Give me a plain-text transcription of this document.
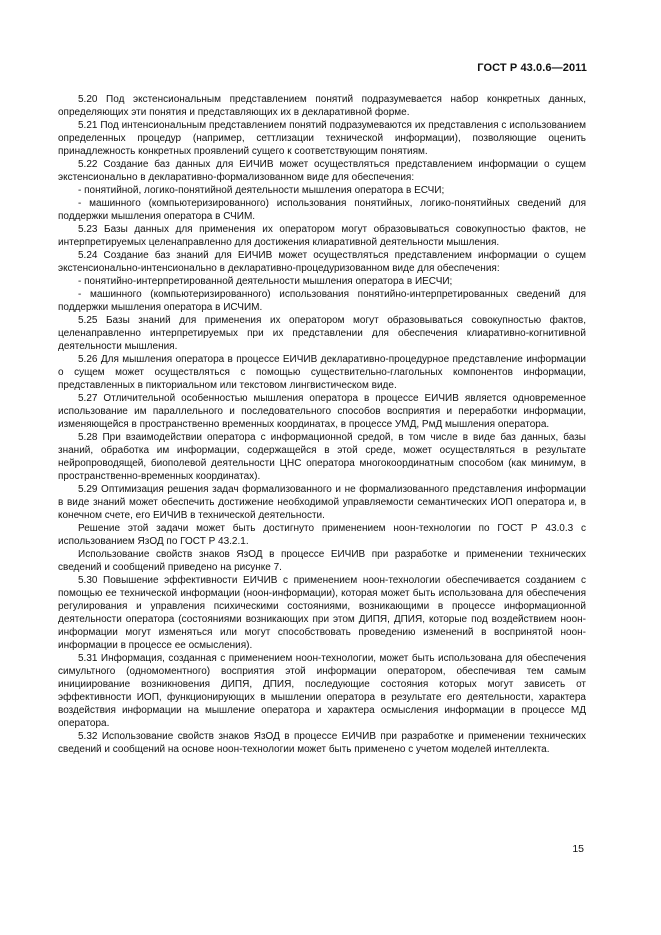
ГОСТ Р 43.0.6—2011

5.20 Под экстенсиональным представлением понятий подразумевается набор конкретных данных, определяющих эти понятия и представляющих их в декларативной форме.

5.21 Под интенсиональным представлением понятий подразумеваются их представления с использованием определенных процедур (например, сеттлизации технической информации), позволяющие оценить принадлежность конкретных проявлений сущего к соответствующим понятиям.

5.22 Создание баз данных для ЕИЧИВ может осуществляться представлением информации о сущем экстенсионально в декларативно-формализованном виде для обеспечения:

- понятийной, логико-понятийной деятельности мышления оператора в ЕСЧИ;

- машинного (компьютеризированного) использования понятийных, логико-понятийных сведений для поддержки мышления оператора в СЧИМ.

5.23 Базы данных для применения их оператором могут образовываться совокупностью фактов, не интерпретируемых целенаправленно для достижения клиаративной деятельности мышления.

5.24 Создание баз знаний для ЕИЧИВ может осуществляться представлением информации о сущем экстенсионально-интенсионально в декларативно-процедуризованном виде для обеспечения:

- понятийно-интерпретированной деятельности мышления оператора в ИЕСЧИ;

- машинного (компьютеризированного) использования понятийно-интерпретированных сведений для поддержки мышления оператора в ИСЧИМ.

5.25 Базы знаний для применения их оператором могут образовываться совокупностью фактов, целенаправленно интерпретируемых при их представлении для обеспечения клиаративно-когнитивной деятельности мышления.

5.26 Для мышления оператора в процессе ЕИЧИВ декларативно-процедурное представление информации о сущем может осуществляться с помощью существительно-глагольных компонентов информации, представленных в пикториальном или текстовом лингвистическом виде.

5.27 Отличительной особенностью мышления оператора в процессе ЕИЧИВ является одновременное использование им параллельного и последовательного способов восприятия и переработки информации, изменяющейся в пространственно временных координатах, в процессе УМД, РмД мышления оператора.

5.28 При взаимодействии оператора с информационной средой, в том числе в виде баз данных, базы знаний, обработка им информации, содержащейся в этой среде, может осуществляться в результате нейропроводящей, биополевой деятельности ЦНС оператора многокоординатным способом (как минимум, в пространственно-временных координатах).

5.29 Оптимизация решения задач формализованного и не формализованного представления информации в виде знаний может обеспечить достижение необходимой управляемости семантических ИОП оператора и, в конечном счете, его ЕИЧИВ в технической деятельности.

Решение этой задачи может быть достигнуто применением ноон-технологии по ГОСТ Р 43.0.3 с использованием ЯзОД по ГОСТ Р 43.2.1.

Использование свойств знаков ЯзОД в процессе ЕИЧИВ при разработке и применении технических сведений и сообщений приведено на рисунке 7.

5.30 Повышение эффективности ЕИЧИВ с применением ноон-технологии обеспечивается созданием с помощью ее технической информации (ноон-информации), которая может быть использована для обеспечения регулирования и управления психическими состояниями, возникающими в процессе информационной деятельности оператора (состояниями возникающих при этом ДИПЯ, ДПИЯ, которые под воздействием ноон-информации могут изменяться или могут способствовать проведению изменений в воспринятой ноон-информации в процессе ее осмысления).

5.31 Информация, созданная с применением ноон-технологии, может быть использована для обеспечения симультного (одномоментного) восприятия этой информации оператором, обеспечивая тем самым инициирование возникновения ДИПЯ, ДПИЯ, последующие состояния которых могут зависеть от эффективности ИОП, функционирующих в мышлении оператора в результате его деятельности, характера воздействия информации на мышление оператора и характера осмысления информации в процессе МД оператора.

5.32 Использование свойств знаков ЯзОД в процессе ЕИЧИВ при разработке и применении технических сведений и сообщений на основе ноон-технологии может быть применено с учетом моделей интеллекта.

15
